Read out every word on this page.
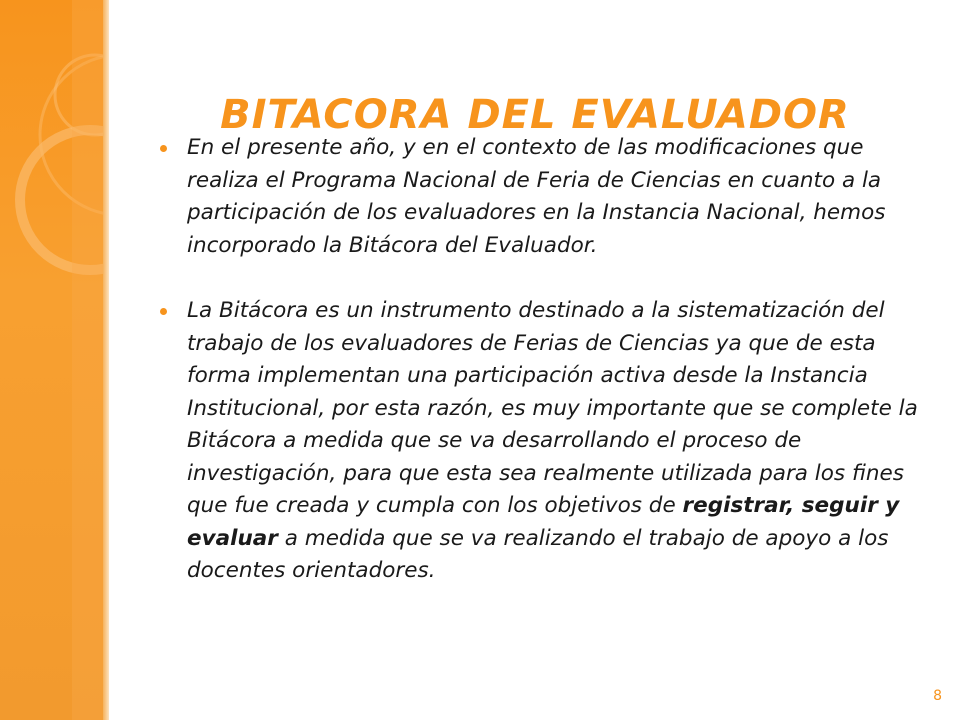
BITACORA DEL EVALUADOR
En el presente año, y en el contexto de las modificaciones que realiza el Programa Nacional de Feria de Ciencias en cuanto a la participación de los evaluadores en la Instancia Nacional, hemos incorporado la Bitácora del Evaluador.
La Bitácora es un instrumento destinado a la sistematización del trabajo de los evaluadores de Ferias de Ciencias ya que de esta forma implementan una participación activa desde la Instancia Institucional, por esta razón, es muy importante que se complete la Bitácora a medida que se va desarrollando el proceso de investigación, para que esta sea realmente utilizada para los fines que fue creada y cumpla con los objetivos de registrar, seguir y evaluar a medida que se va realizando el trabajo de apoyo a los docentes orientadores.
8
